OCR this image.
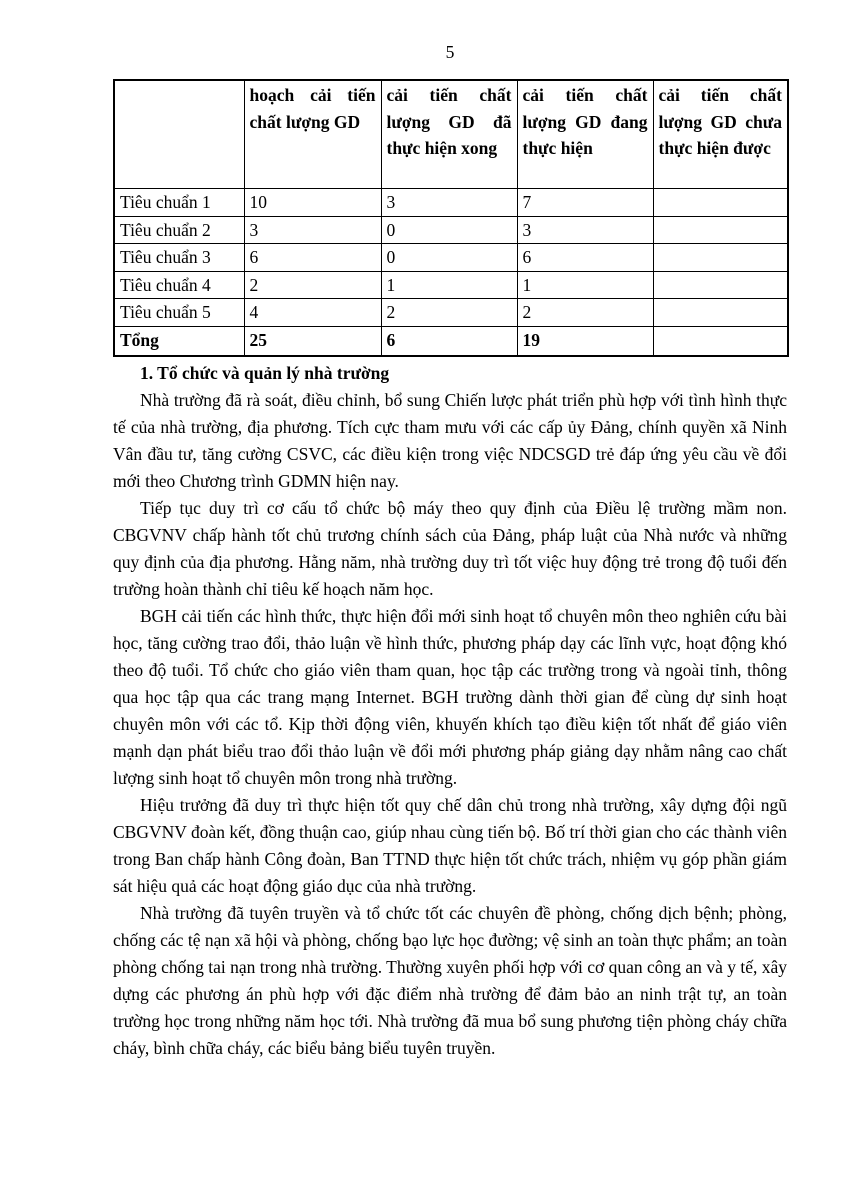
5
	hoạch cải tiến chất lượng GD	cải tiến chất lượng GD đã thực hiện xong	cải tiến chất lượng GD đang thực hiện	cải tiến chất lượng GD chưa thực hiện được
Tiêu chuẩn 1	10	3	7	
Tiêu chuẩn 2	3	0	3	
Tiêu chuẩn 3	6	0	6	
Tiêu chuẩn 4	2	1	1	
Tiêu chuẩn 5	4	2	2	
Tổng	25	6	19	
1. Tổ chức và quản lý nhà trường

Nhà trường đã rà soát, điều chỉnh, bổ sung Chiến lược phát triển phù hợp với tình hình thực tế của nhà trường, địa phương. Tích cực tham mưu với các cấp ủy Đảng, chính quyền xã Ninh Vân đầu tư, tăng cường CSVC, các điều kiện trong việc NDCSGD trẻ đáp ứng yêu cầu về đổi mới theo Chương trình GDMN hiện nay.

Tiếp tục duy trì cơ cấu tổ chức bộ máy theo quy định của Điều lệ trường mầm non. CBGVNV chấp hành tốt chủ trương chính sách của Đảng, pháp luật của Nhà nước và những quy định của địa phương. Hằng năm, nhà trường duy trì tốt việc huy động trẻ trong độ tuổi đến trường hoàn thành chỉ tiêu kế hoạch năm học.

BGH cải tiến các hình thức, thực hiện đổi mới sinh hoạt tổ chuyên môn theo nghiên cứu bài học, tăng cường trao đổi, thảo luận về hình thức, phương pháp dạy các lĩnh vực, hoạt động khó theo độ tuổi. Tổ chức cho giáo viên tham quan, học tập các trường trong và ngoài tỉnh, thông qua học tập qua các trang mạng Internet. BGH trường dành thời gian để cùng dự sinh hoạt chuyên môn với các tổ. Kịp thời động viên, khuyến khích tạo điều kiện tốt nhất để giáo viên mạnh dạn phát biểu trao đổi thảo luận về đổi mới phương pháp giảng dạy nhằm nâng cao chất lượng sinh hoạt tổ chuyên môn trong nhà trường.

Hiệu trưởng đã duy trì thực hiện tốt quy chế dân chủ trong nhà trường, xây dựng đội ngũ CBGVNV đoàn kết, đồng thuận cao, giúp nhau cùng tiến bộ. Bố trí thời gian cho các thành viên trong Ban chấp hành Công đoàn, Ban TTND thực hiện tốt chức trách, nhiệm vụ góp phần giám sát hiệu quả các hoạt động giáo dục của nhà trường.

Nhà trường đã tuyên truyền và tổ chức tốt các chuyên đề phòng, chống dịch bệnh; phòng, chống các tệ nạn xã hội và phòng, chống bạo lực học đường; vệ sinh an toàn thực phẩm; an toàn phòng chống tai nạn trong nhà trường. Thường xuyên phối hợp với cơ quan công an và y tế, xây dựng các phương án phù hợp với đặc điểm nhà trường để đảm bảo an ninh trật tự, an toàn trường học trong những năm học tới. Nhà trường đã mua bổ sung phương tiện phòng cháy chữa cháy, bình chữa cháy, các biểu bảng biểu tuyên truyền.
